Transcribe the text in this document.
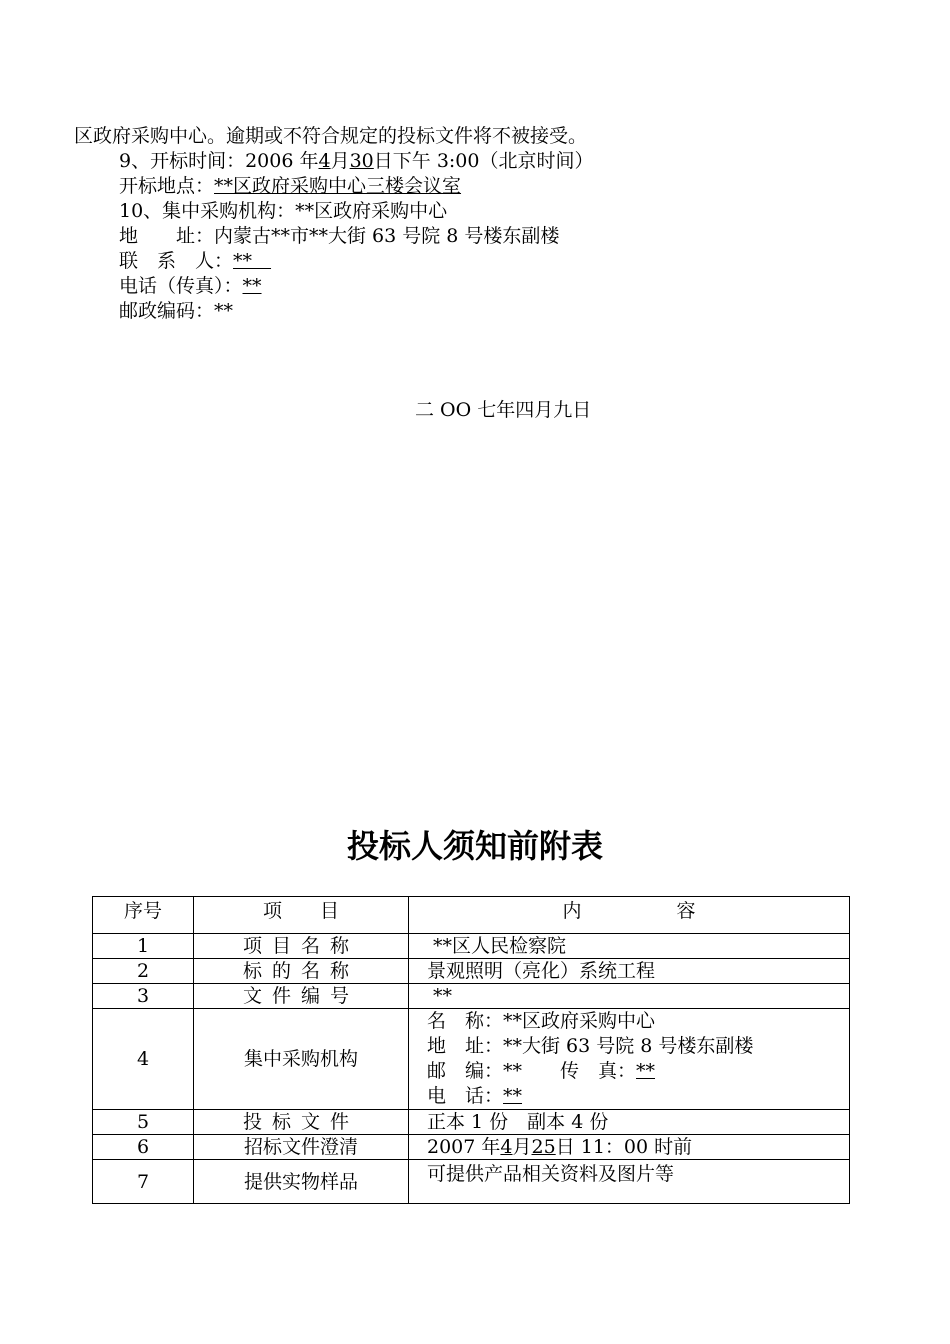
区政府采购中心。逾期或不符合规定的投标文件将不被接受。
9、开标时间：2006 年4月30日下午 3:00（北京时间）
开标地点：**区政府采购中心三楼会议室
10、集中采购机构：**区政府采购中心
地　　址：内蒙古**市**大街 63 号院 8 号楼东副楼
联　系　人：**　
电话（传真）：**
邮政编码：**
二 OO 七年四月九日
投标人须知前附表
序号	项　　目	内　　　　　容
1	项目名称	**区人民检察院
2	标的名称	景观照明（亮化）系统工程
3	文件编号	**
4	集中采购机构	名　称：**区政府采购中心
地　址：**大街 63 号院 8 号楼东副楼
邮　编：**　　传　真：**
电　话：**

5	投标文件	正本 1 份　副本 4 份
6	招标文件澄清	2007 年4月25日 11：00 时前
7	提供实物样品	可提供产品相关资料及图片等
